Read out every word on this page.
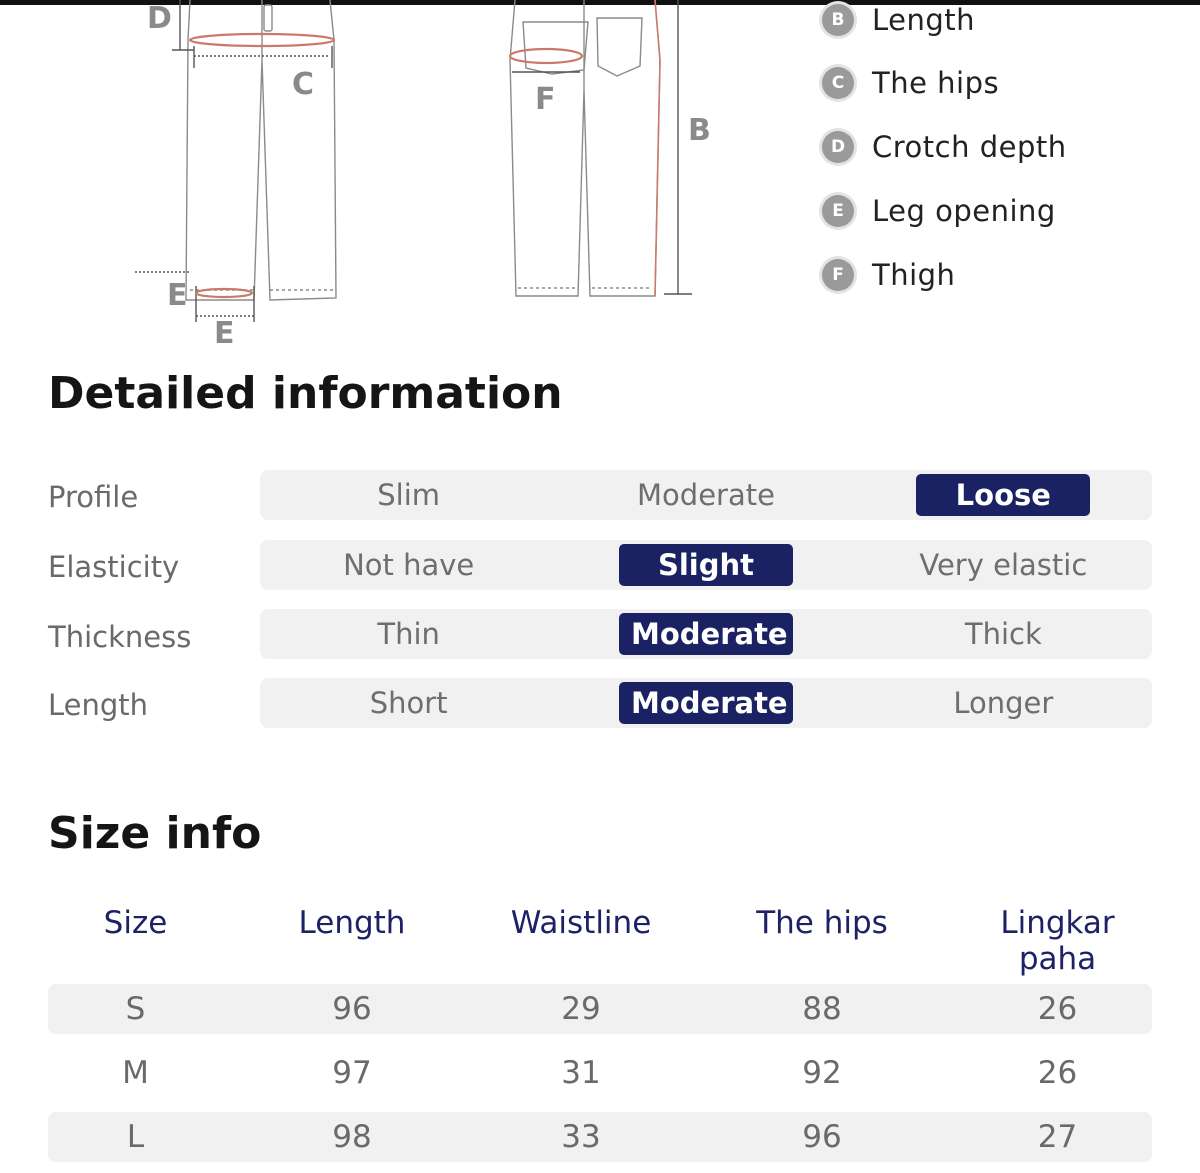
D
C	F
B
E
E
B Length
C The hips
D Crotch depth
E Leg opening
F Thigh
Detailed information
Profile	Slim	Moderate	Loose
Elasticity	Not have	Slight	Very elastic
Thickness	Thin	Moderate	Thick
Length	Short	Moderate	Longer
Size info
Size	Length	Waistline	The hips	Lingkar paha
S	96	29	88	26
M	97	31	92	26
L	98	33	96	27
